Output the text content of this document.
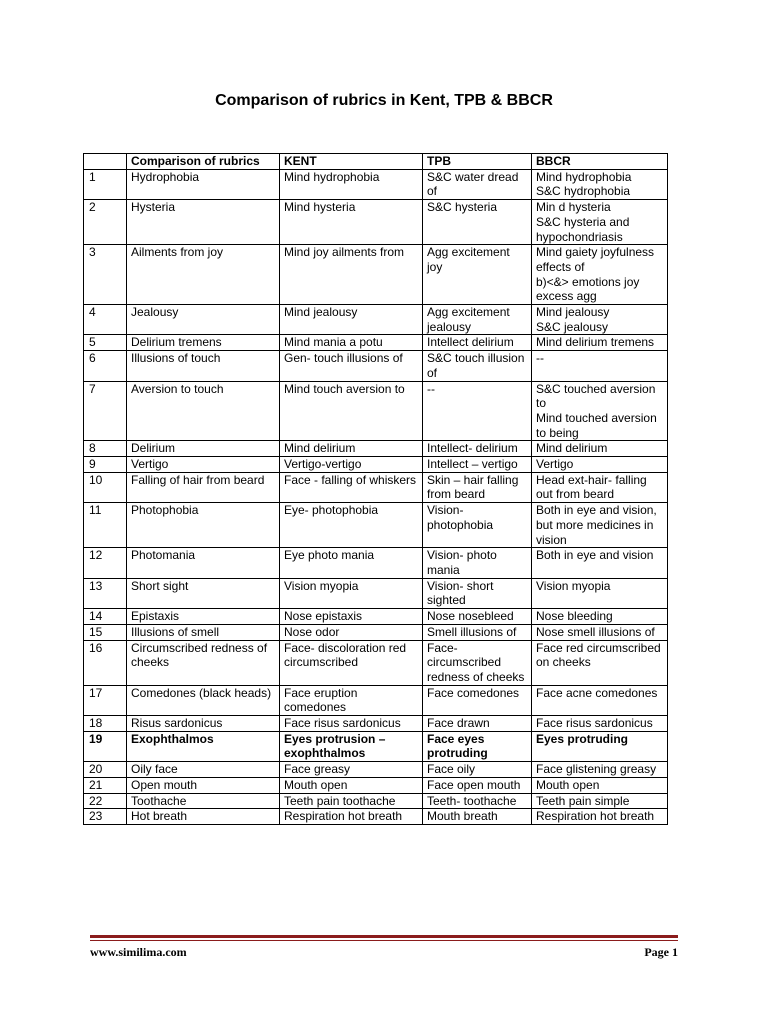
Comparison of rubrics in Kent, TPB & BBCR
	Comparison of rubrics	KENT	TPB	BBCR

1	Hydrophobia	Mind hydrophobia	S&C water dread of	Mind hydrophobia
S&C hydrophobia

2	Hysteria	Mind hysteria	S&C hysteria	Min d hysteria
S&C hysteria and hypochondriasis

3	Ailments from joy	Mind joy ailments from	Agg excitement joy	Mind gaiety joyfulness effects of
b)<&> emotions joy excess agg

4	Jealousy	Mind jealousy	Agg excitement jealousy	Mind jealousy
S&C jealousy

5	Delirium tremens	Mind mania a potu	Intellect delirium	Mind delirium tremens

6	Illusions of touch	Gen- touch illusions of	S&C touch illusion of	--

7	Aversion to touch	Mind touch aversion to	--	S&C touched aversion to
Mind touched aversion to being

8	Delirium	Mind delirium	Intellect- delirium	Mind delirium

9	Vertigo	Vertigo-vertigo	Intellect – vertigo	Vertigo

10	Falling of hair from beard	Face - falling of whiskers	Skin – hair falling from beard	Head ext-hair- falling out from beard

11	Photophobia	Eye- photophobia	Vision- photophobia	Both in eye and vision, but more medicines in vision

12	Photomania	Eye photo mania	Vision- photo mania	Both in eye and vision

13	Short sight	Vision myopia	Vision- short sighted	Vision myopia

14	Epistaxis	Nose epistaxis	Nose nosebleed	Nose bleeding

15	Illusions of smell	Nose odor	Smell illusions of	Nose smell illusions of

16	Circumscribed redness of cheeks	Face- discoloration red circumscribed	Face- circumscribed redness of cheeks	Face red circumscribed on cheeks

17	Comedones (black heads)	Face eruption comedones	Face comedones	Face acne comedones

18	Risus sardonicus	Face risus sardonicus	Face drawn	Face risus sardonicus

19	Exophthalmos	Eyes protrusion – exophthalmos	Face eyes protruding	Eyes protruding

20	Oily face	Face greasy	Face oily	Face glistening greasy

21	Open mouth	Mouth open	Face open mouth	Mouth open

22	Toothache	Teeth pain toothache	Teeth- toothache	Teeth pain simple

23	Hot breath	Respiration hot breath	Mouth breath	Respiration hot breath
www.similima.com	Page 1
